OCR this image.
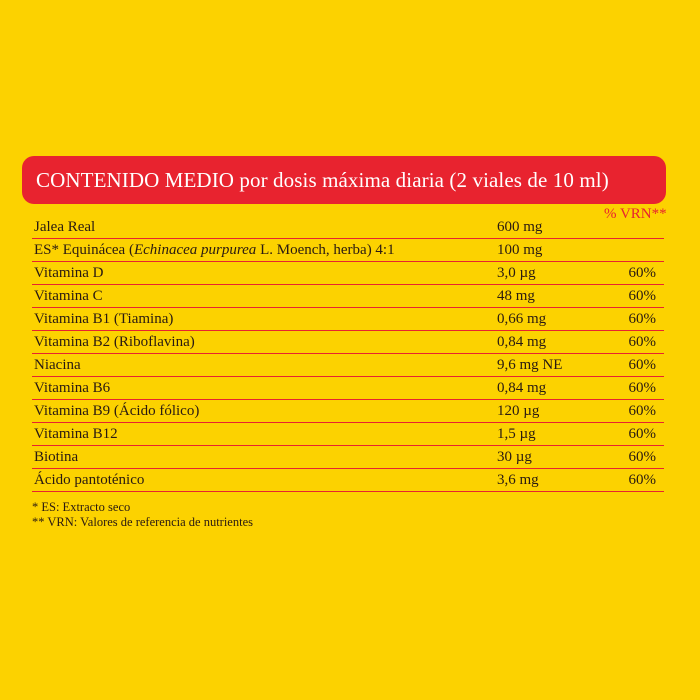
CONTENIDO MEDIO por dosis máxima diaria (2 viales de 10 ml)
% VRN**
Jalea Real	600 mg
ES* Equinácea (Echinacea purpurea L. Moench, herba) 4:1	100 mg
Vitamina D	3,0 µg	60%
Vitamina C	48 mg	60%
Vitamina B1 (Tiamina)	0,66 mg	60%
Vitamina B2 (Riboflavina)	0,84 mg	60%
Niacina	9,6 mg NE	60%
Vitamina B6	0,84 mg	60%
Vitamina B9 (Ácido fólico)	120 µg	60%
Vitamina B12	1,5 µg	60%
Biotina	30 µg	60%
Ácido pantoténico	3,6 mg	60%
* ES: Extracto seco
** VRN: Valores de referencia de nutrientes
